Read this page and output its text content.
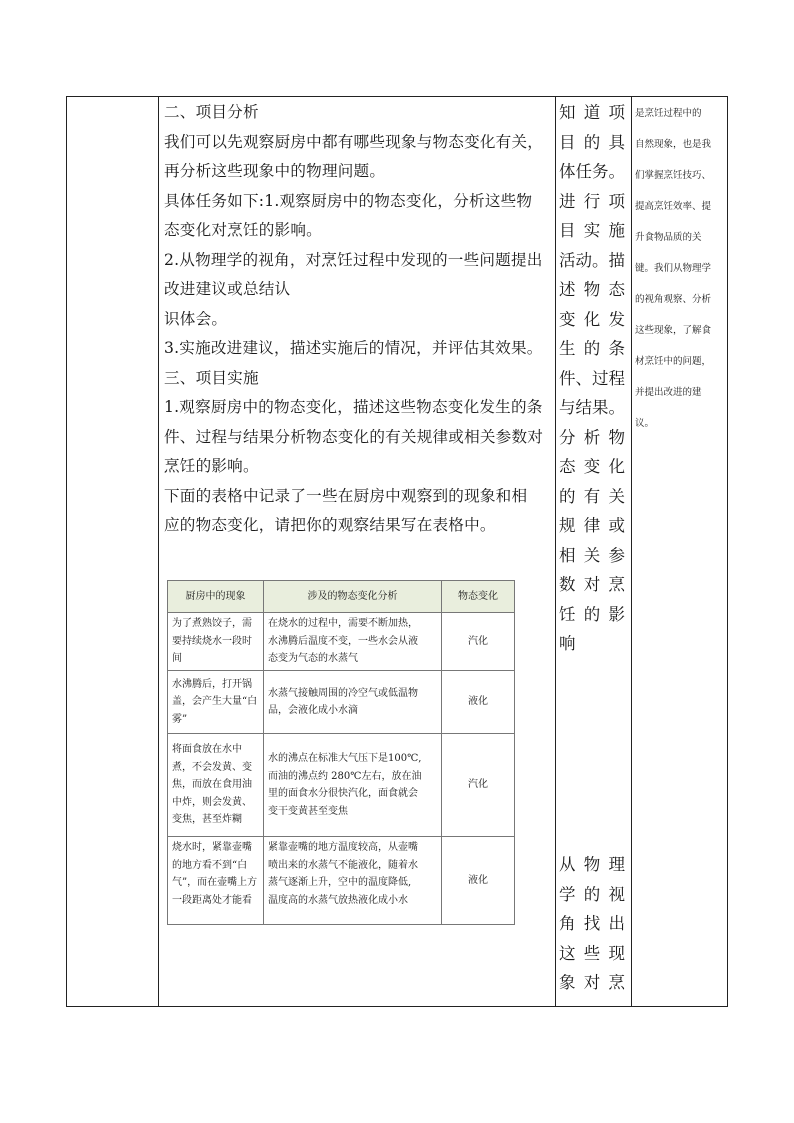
二、项目分析

我们可以先观察厨房中都有哪些现象与物态变化有关，

再分析这些现象中的物理问题。

具体任务如下:1.观察厨房中的物态变化，分析这些物

态变化对烹饪的影响。

2.从物理学的视角，对烹饪过程中发现的一些问题提出

改进建议或总结认

识体会。

3.实施改进建议，描述实施后的情况，并评估其效果。

三、项目实施

1.观察厨房中的物态变化，描述这些物态变化发生的条

件、过程与结果分析物态变化的有关规律或相关参数对

烹饪的影响。

下面的表格中记录了一些在厨房中观察到的现象和相

应的物态变化，请把你的观察结果写在表格中。

厨房中的现象	涉及的物态变化分析	物态变化

为了煮熟饺子，需
要持续烧水一段时
间	在烧水的过程中，需要不断加热，
水沸腾后温度不变，一些水会从液
态变为气态的水蒸气	汽化

水沸腾后，打开锅
盖，会产生大量“白
雾”	水蒸气接触周围的冷空气或低温物
品，会液化成小水滴	液化

将面食放在水中
煮，不会发黄、变
焦，而放在食用油
中炸，则会发黄、
变焦，甚至炸糊	水的沸点在标准大气压下是100℃,
而油的沸点约 280℃左右，放在油
里的面食水分很快汽化，面食就会
变干变黄甚至变焦	汽化

烧水时，紧靠壶嘴
的地方看不到“白
气”，而在壶嘴上方
一段距离处才能看	紧靠壶嘴的地方温度较高，从壶嘴
喷出来的水蒸气不能液化，随着水
蒸气逐渐上升，空中的温度降低,
温度高的水蒸气放热液化成小水	液化
知道项
目的具
体任务。
进行项
目实施
活动。描
述物态
变化发
生的条
件、过程
与结果。
分析物
态变化
的有关
规律或
相关参
数对烹
饪的影
响
从物理
学的视
角找出
这些现
象对烹
是烹饪过程中的
自然现象，也是我
们掌握烹饪技巧、
提高烹饪效率、提
升食物品质的关
键。我们从物理学
的视角观察、分析
这些现象，了解食
材烹饪中的问题，
并提出改进的建
议。
